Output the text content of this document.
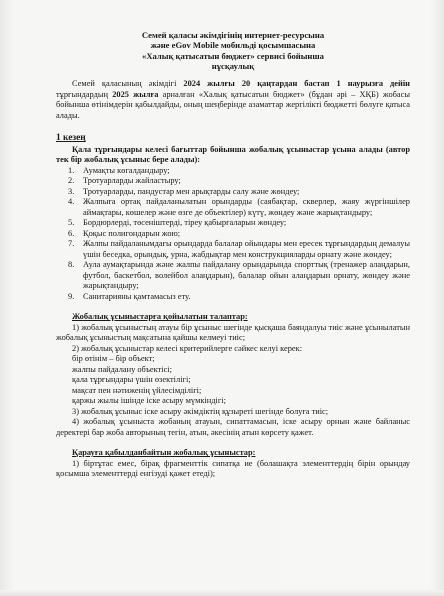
Семей қаласы әкімдігінің интернет-ресурсына
және eGov Mobile мобильді қосымшасына
«Халық қатысатын бюджет» сервисі бойынша
нұсқаулық

Семей қаласының әкімдігі 2024 жылғы 20 қаңтардан бастап 1 наурызға дейін тұрғындардың 2025 жылға арналған «Халық қатысатын бюджет» (бұдан әрі – ХҚБ) жобасы бойынша өтінімдерін қабылдайды, оның шеңберінде азаматтар жергілікті бюджетті бөлуге қатыса алады.

1 кезең

Қала тұрғындары келесі бағыттар бойынша жобалық ұсыныстар ұсына алады (автор тек бір жобалық ұсыныс бере алады):

1. Аумақты көгалдандыру;
2. Тротуарларды жайластыру;
3. Тротуарларды, пандустар мен арықтарды салу және жөндеу;
4. Жалпыға ортақ пайдаланылатын орындарды (саябақтар, скверлер, жаяу жүргіншілер аймақтары, көшелер және өзге де объектілер) күтү, жөндеу және жарықтандыру;
5. Бордюрлерді, төсеніштерді, тіреу қабырғаларын жөндеу;
6. Қоқыс полигондарын жою;
7. Жалпы пайдаланымдағы орындарда балалар ойындары мен ересек тұрғындардың демалуы үшін беседка, орындық, урна, жабдықтар мен конструкцияларды орнату және жөндеу;
8. Аула аумақтарында және жалпы пайдалану орындарында спорттық (тренажер алаңдарын, футбол, баскетбол, волейбол алаңдарын), балалар ойын алаңдарын орнату, жөндеу және жарықтандыру;
9. Санитарияны қамтамасыз ету.

Жобалық ұсыныстарға қойылатын талаптар:

1) жобалық ұсыныстың атауы бір ұсыныс шегінде қысқаша баяндалуы тиіс және ұсынылатын жобалық ұсыныстың мақсатына қайшы келмеуі тиіс;

2) жобалық ұсыныстар келесі критерийлерге сәйкес келуі керек:

бір өтінім – бір объект;

жалпы пайдалану объектісі;

қала тұрғындары үшін өзектілігі;

мақсат пен нәтиженің үйлесімділігі;

қаржы жылы ішінде іске асыру мүмкіндігі;

3) жобалық ұсыныс іске асыру әкімдіктің құзыреті шегінде болуға тиіс;

4) жобалық ұсыныста жобаның атауын, сипаттамасын, іске асыру орнын және байланыс деректері бар жоба авторының тегін, атын, әкесінің атын көрсету қажет.

Қарауға қабылданбайтын жобалық ұсыныстар:

1) біртұтас емес, бірақ фрагменттік сипатқа ие (болашақта элементтердің бірін орындау қосымша элементтерді енгізуді қажет етеді);
